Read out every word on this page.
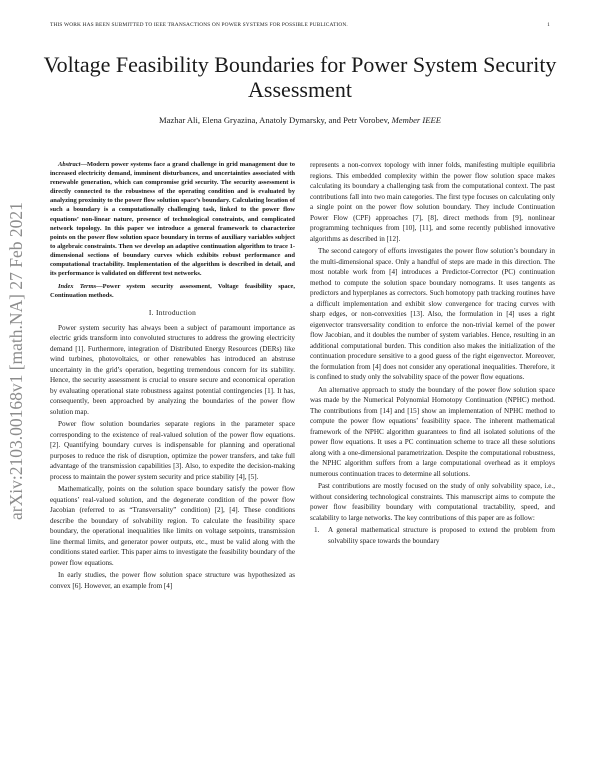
THIS WORK HAS BEEN SUBMITTED TO IEEE TRANSACTIONS ON POWER SYSTEMS FOR POSSIBLE PUBLICATION.	1
arXiv:2103.00168v1 [math.NA] 27 Feb 2021
Voltage Feasibility Boundaries for Power System Security Assessment
Mazhar Ali, Elena Gryazina, Anatoly Dymarsky, and Petr Vorobev, Member IEEE

Abstract—Modern power systems face a grand challenge in grid management due to increased electricity demand, imminent disturbances, and uncertainties associated with renewable generation, which can compromise grid security. The security assessment is directly connected to the robustness of the operating condition and is evaluated by analyzing proximity to the power flow solution space’s boundary. Calculating location of such a boundary is a computationally challenging task, linked to the power flow equations’ non-linear nature, presence of technological constraints, and complicated network topology. In this paper we introduce a general framework to characterize points on the power flow solution space boundary in terms of auxiliary variables subject to algebraic constraints. Then we develop an adaptive continuation algorithm to trace 1-dimensional sections of boundary curves which exhibits robust performance and computational tractability. Implementation of the algorithm is described in detail, and its performance is validated on different test networks.

Index Terms—Power system security assessment, Voltage feasibility space, Continuation methods.

I. Introduction

Power system security has always been a subject of paramount importance as electric grids transform into convoluted structures to address the growing electricity demand [1]. Furthermore, integration of Distributed Energy Resources (DERs) like wind turbines, photovoltaics, or other renewables has introduced an abstruse uncertainty in the grid’s operation, begetting tremendous concern for its stability. Hence, the security assessment is crucial to ensure secure and economical operation by evaluating operational state robustness against potential contingencies [1]. It has, consequently, been approached by analyzing the boundaries of the power flow solution map.

Power flow solution boundaries separate regions in the parameter space corresponding to the existence of real-valued solution of the power flow equations. [2]. Quantifying boundary curves is indispensable for planning and operational purposes to reduce the risk of disruption, optimize the power transfers, and take full advantage of the transmission capabilities [3]. Also, to expedite the decision-making process to maintain the power system security and price stability [4], [5].

Mathematically, points on the solution space boundary satisfy the power flow equations’ real-valued solution, and the degenerate condition of the power flow Jacobian (referred to as “Transversality” condition) [2], [4]. These conditions describe the boundary of solvability region. To calculate the feasibility space boundary, the operational inequalities like limits on voltage setpoints, transmission line thermal limits, and generator power outputs, etc., must be valid along with the conditions stated earlier. This paper aims to investigate the feasibility boundary of the power flow equations.

In early studies, the power flow solution space structure was hypothesized as convex [6]. However, an example from [4]

represents a non-convex topology with inner folds, manifesting multiple equilibria regions. This embedded complexity within the power flow solution space makes calculating its boundary a challenging task from the computational context. The past contributions fall into two main categories. The first type focuses on calculating only a single point on the power flow solution boundary. They include Continuation Power Flow (CPF) approaches [7], [8], direct methods from [9], nonlinear programming techniques from [10], [11], and some recently published innovative algorithms as described in [12].

The second category of efforts investigates the power flow solution’s boundary in the multi-dimensional space. Only a handful of steps are made in this direction. The most notable work from [4] introduces a Predictor-Corrector (PC) continuation method to compute the solution space boundary nomograms. It uses tangents as predictors and hyperplanes as correctors. Such homotopy path tracking routines have a difficult implementation and exhibit slow convergence for tracing curves with sharp edges, or non-convexities [13]. Also, the formulation in [4] uses a right eigenvector transversality condition to enforce the non-trivial kernel of the power flow Jacobian, and it doubles the number of system variables. Hence, resulting in an additional computational burden. This condition also makes the initialization of the continuation procedure sensitive to a good guess of the right eigenvector. Moreover, the formulation from [4] does not consider any operational inequalities. Therefore, it is confined to study only the solvability space of the power flow equations.

An alternative approach to study the boundary of the power flow solution space was made by the Numerical Polynomial Homotopy Continuation (NPHC) method. The contributions from [14] and [15] show an implementation of NPHC method to compute the power flow equations’ feasibility space. The inherent mathematical framework of the NPHC algorithm guarantees to find all isolated solutions of the power flow equations. It uses a PC continuation scheme to trace all these solutions along with a one-dimensional parametrization. Despite the computational robustness, the NPHC algorithm suffers from a large computational overhead as it employs numerous continuation traces to determine all solutions.

Past contributions are mostly focused on the study of only solvability space, i.e., without considering technological constraints. This manuscript aims to compute the power flow feasibility boundary with computational tractability, speed, and scalability to large networks. The key contributions of this paper are as follow:

1.	A general mathematical structure is proposed to extend the problem from solvability space towards the boundary
